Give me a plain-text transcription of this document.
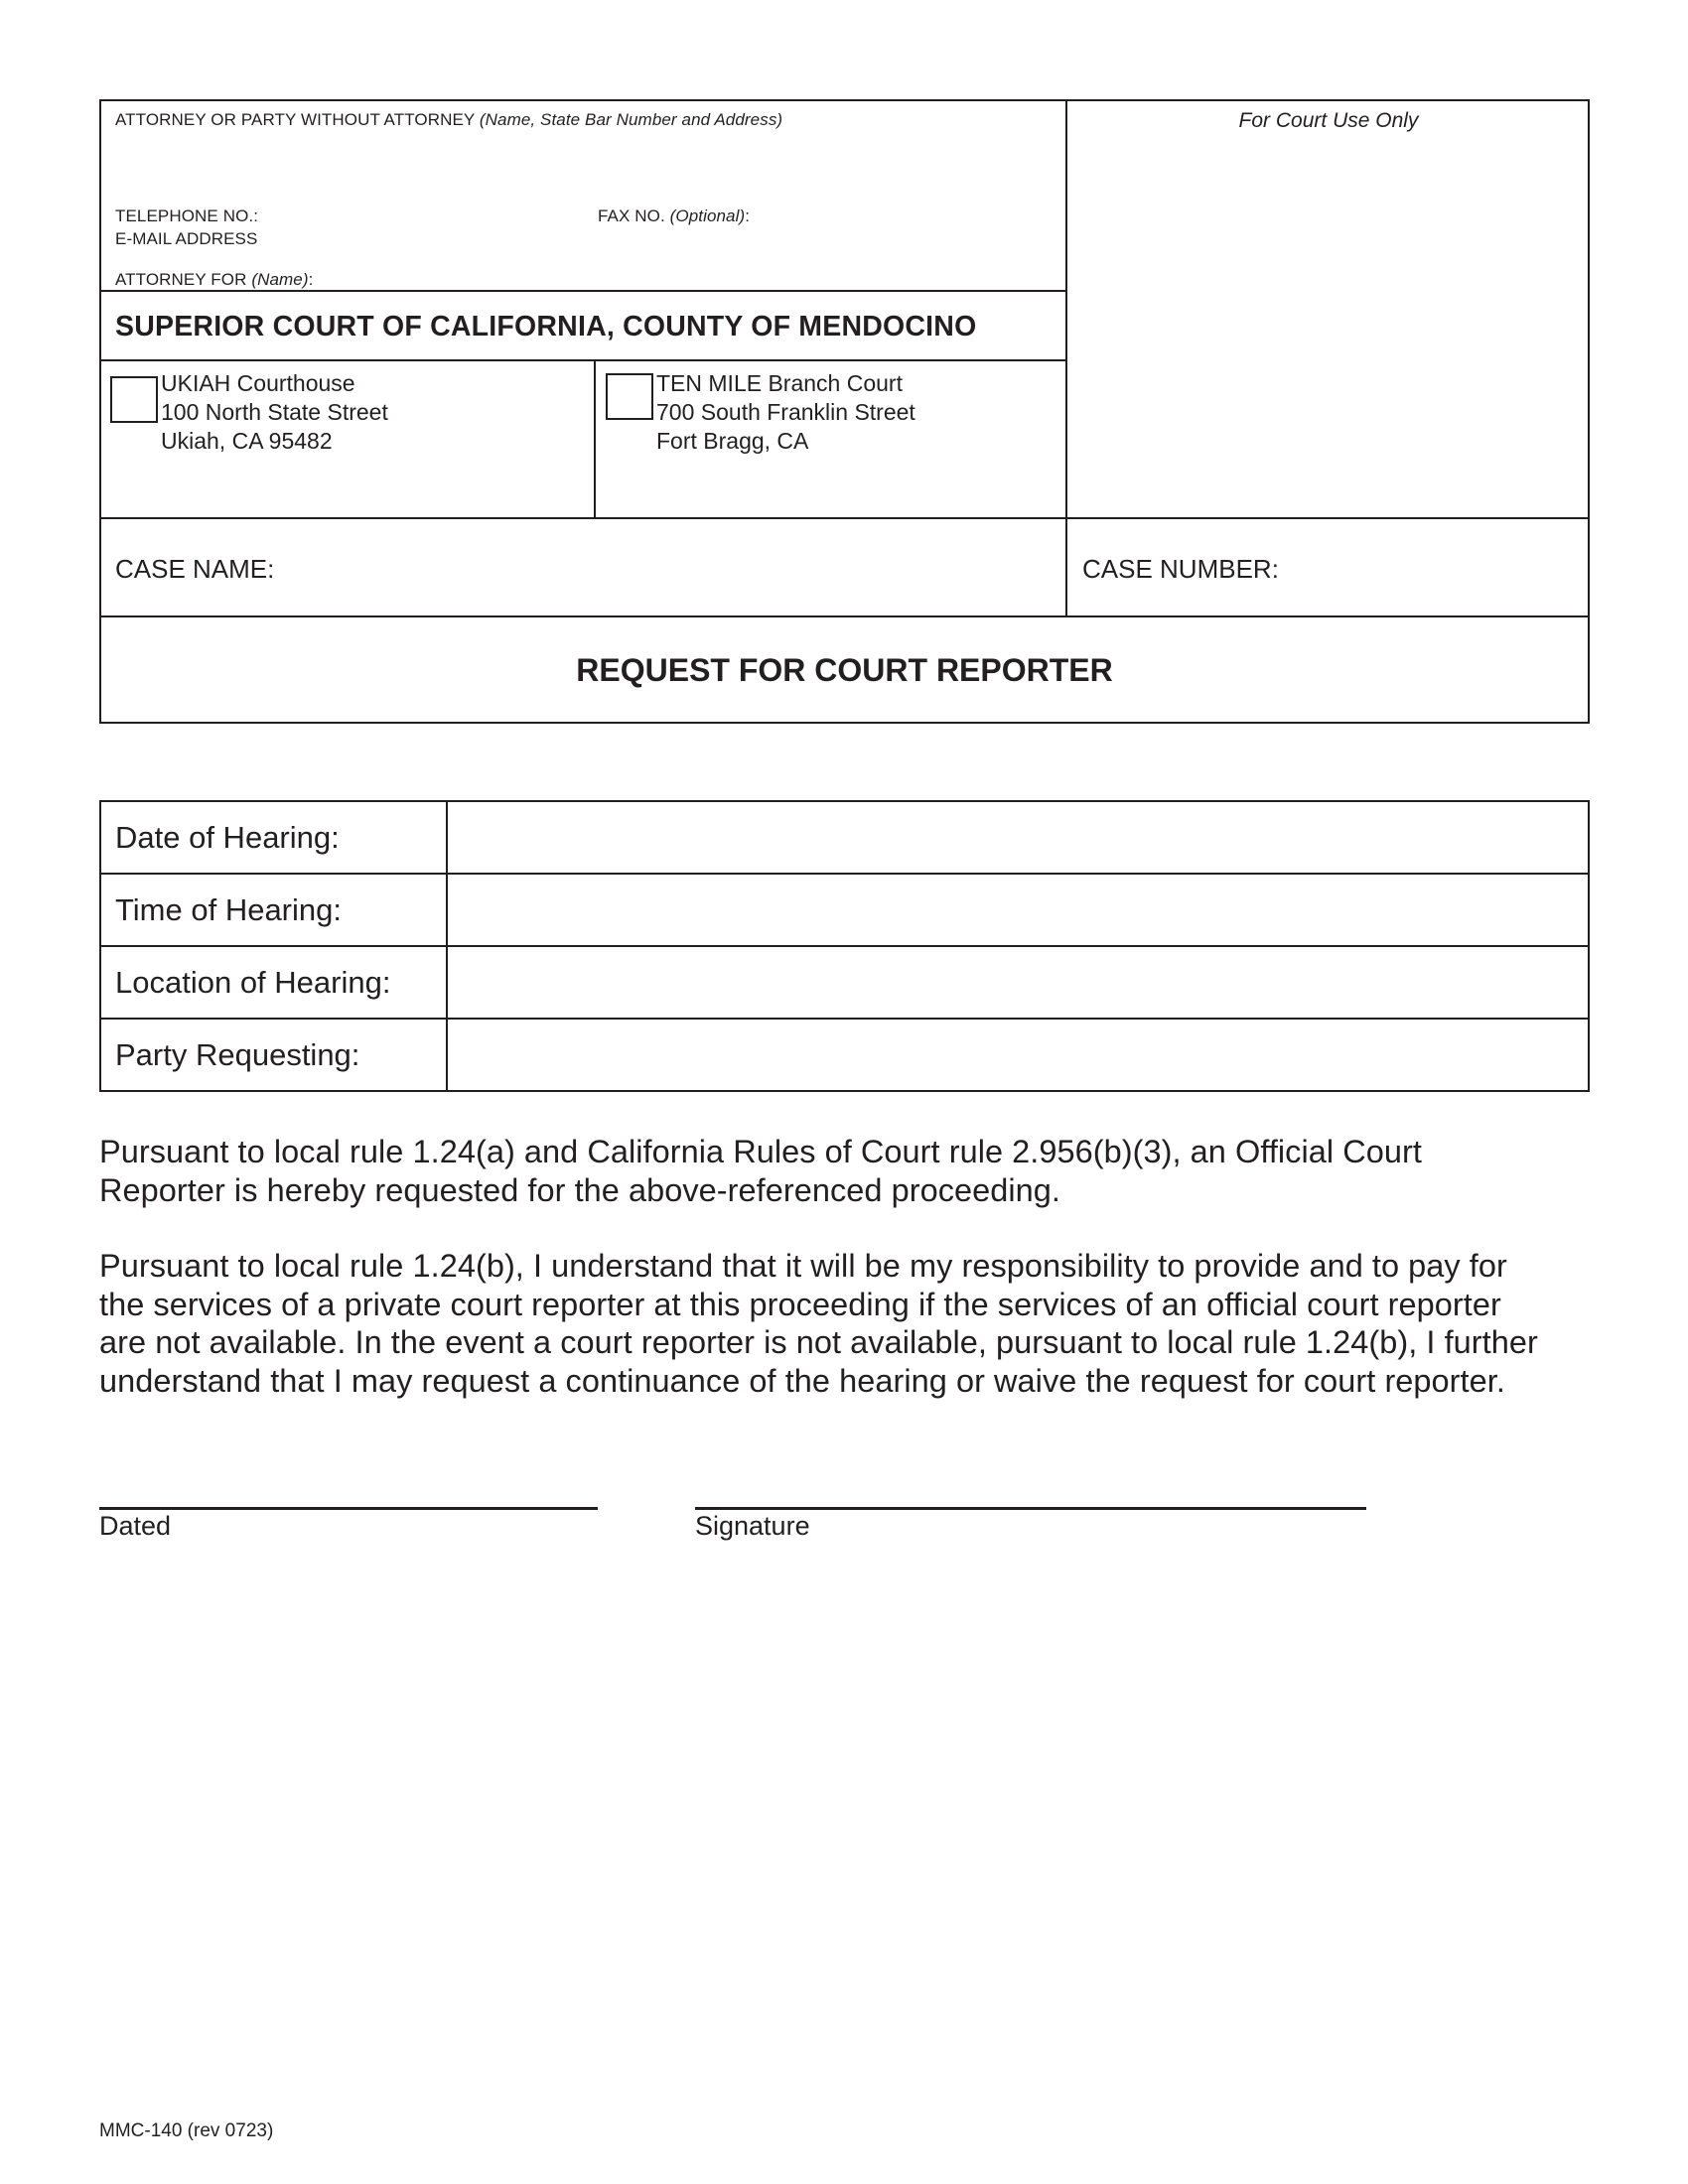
ATTORNEY OR PARTY WITHOUT ATTORNEY (Name, State Bar Number and Address)
TELEPHONE NO.:	FAX NO. (Optional):
E-MAIL ADDRESS
ATTORNEY FOR (Name):
For Court Use Only
SUPERIOR COURT OF CALIFORNIA, COUNTY OF MENDOCINO
UKIAH Courthouse
100 North State Street
Ukiah, CA 95482
TEN MILE Branch Court
700 South Franklin Street
Fort Bragg, CA
CASE NAME:	CASE NUMBER:
REQUEST FOR COURT REPORTER
Date of Hearing:
Time of Hearing:
Location of Hearing:
Party Requesting:
Pursuant to local rule 1.24(a) and California Rules of Court rule 2.956(b)(3), an Official Court
Reporter is hereby requested for the above-referenced proceeding.
Pursuant to local rule 1.24(b), I understand that it will be my responsibility to provide and to pay for
the services of a private court reporter at this proceeding if the services of an official court reporter
are not available. In the event a court reporter is not available, pursuant to local rule 1.24(b), I further
understand that I may request a continuance of the hearing or waive the request for court reporter.
Dated	Signature
MMC-140 (rev 0723)
